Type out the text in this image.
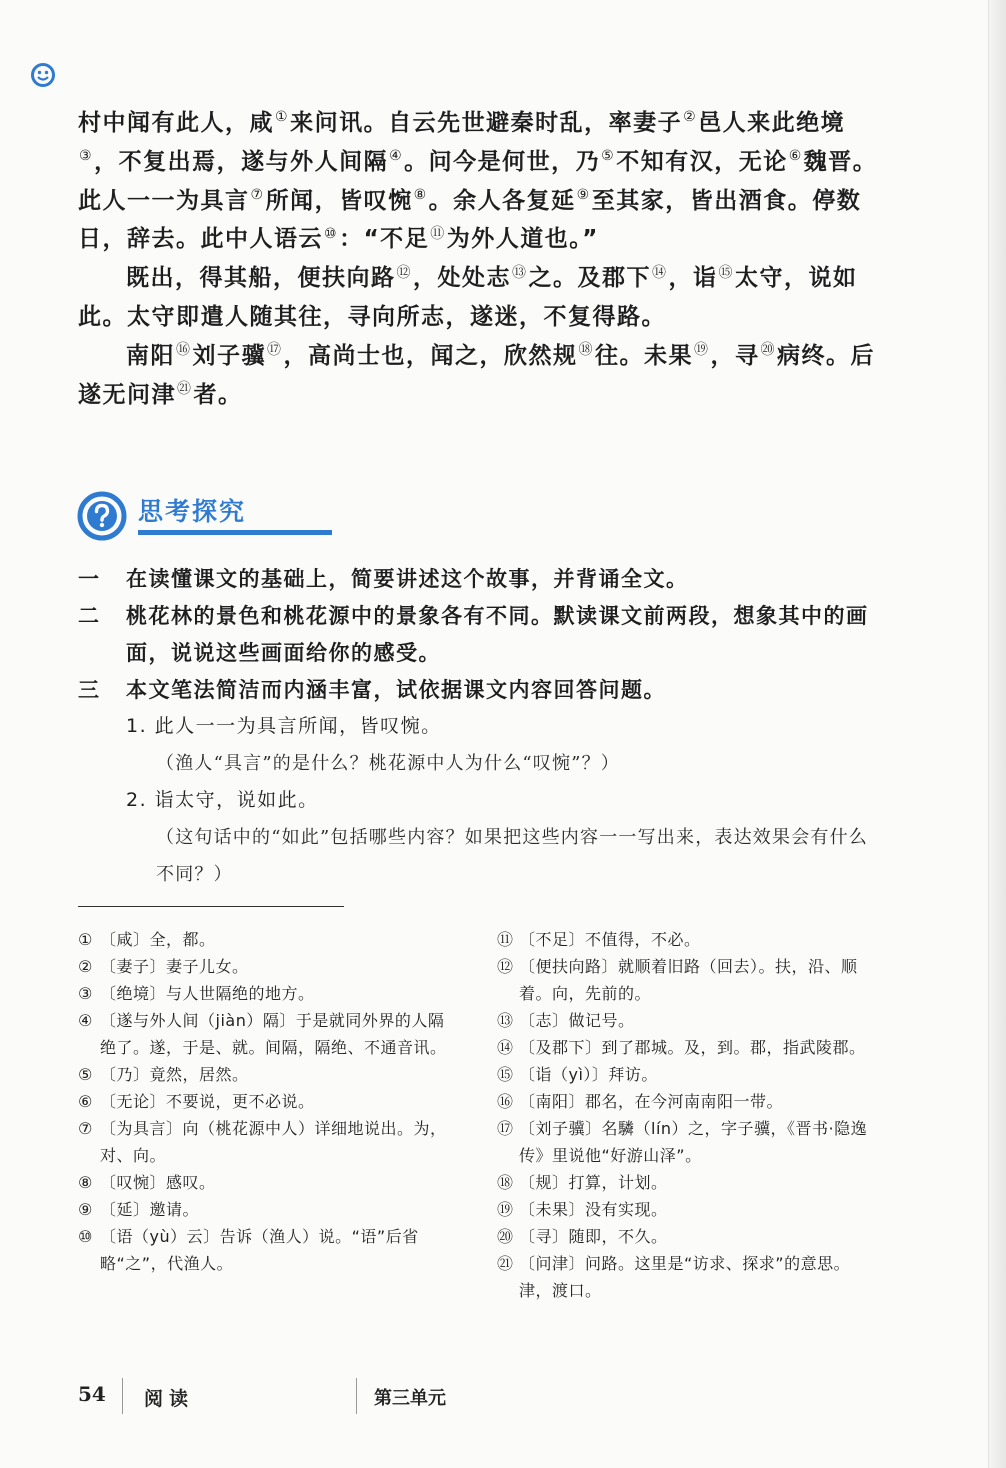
村中闻有此人，咸①来问讯。自云先世避秦时乱，率妻子②邑人来此绝境③，不复出焉，遂与外人间隔④。问今是何世，乃⑤不知有汉，无论⑥魏晋。此人一一为具言⑦所闻，皆叹惋⑧。余人各复延⑨至其家，皆出酒食。停数日，辞去。此中人语云⑩：“不足⑪为外人道也。”

既出，得其船，便扶向路⑫，处处志⑬之。及郡下⑭，诣⑮太守，说如此。太守即遣人随其往，寻向所志，遂迷，不复得路。

南阳⑯刘子骥⑰，高尚士也，闻之，欣然规⑱往。未果⑲，寻⑳病终。后遂无问津$^㉑$者。

思考探究
一	在读懂课文的基础上，简要讲述这个故事，并背诵全文。
二	桃花林的景色和桃花源中的景象各有不同。默读课文前两段，想象其中的画面，说说这些画面给你的感受。
三	本文笔法简洁而内涵丰富，试依据课文内容回答问题。
1. 此人一一为具言所闻，皆叹惋。
（渔人“具言”的是什么？桃花源中人为什么“叹惋”？）
2. 诣太守，说如此。
（这句话中的“如此”包括哪些内容？如果把这些内容一一写出来，表达效果会有什么不同？）
① 〔咸〕全，都。
② 〔妻子〕妻子儿女。
③ 〔绝境〕与人世隔绝的地方。
④ 〔遂与外人间（jiàn）隔〕于是就同外界的人隔绝了。遂，于是、就。间隔，隔绝、不通音讯。
⑤ 〔乃〕竟然，居然。
⑥ 〔无论〕不要说，更不必说。
⑦ 〔为具言〕向（桃花源中人）详细地说出。为，对、向。
⑧ 〔叹惋〕感叹。
⑨ 〔延〕邀请。
⑩ 〔语（yù）云〕告诉（渔人）说。“语”后省略“之”，代渔人。
⑪ 〔不足〕不值得，不必。
⑫ 〔便扶向路〕就顺着旧路（回去）。扶，沿、顺着。向，先前的。
⑬ 〔志〕做记号。
⑭ 〔及郡下〕到了郡城。及，到。郡，指武陵郡。
⑮ 〔诣（yì）〕拜访。
⑯ 〔南阳〕郡名，在今河南南阳一带。
⑰ 〔刘子骥〕名驎（lín）之，字子骥，《晋书·隐逸传》里说他“好游山泽”。
⑱ 〔规〕打算，计划。
⑲ 〔未果〕没有实现。
⑳ 〔寻〕随即，不久。
㉑ 〔问津〕问路。这里是“访求、探求”的意思。津，渡口。
54 阅读	第三单元
